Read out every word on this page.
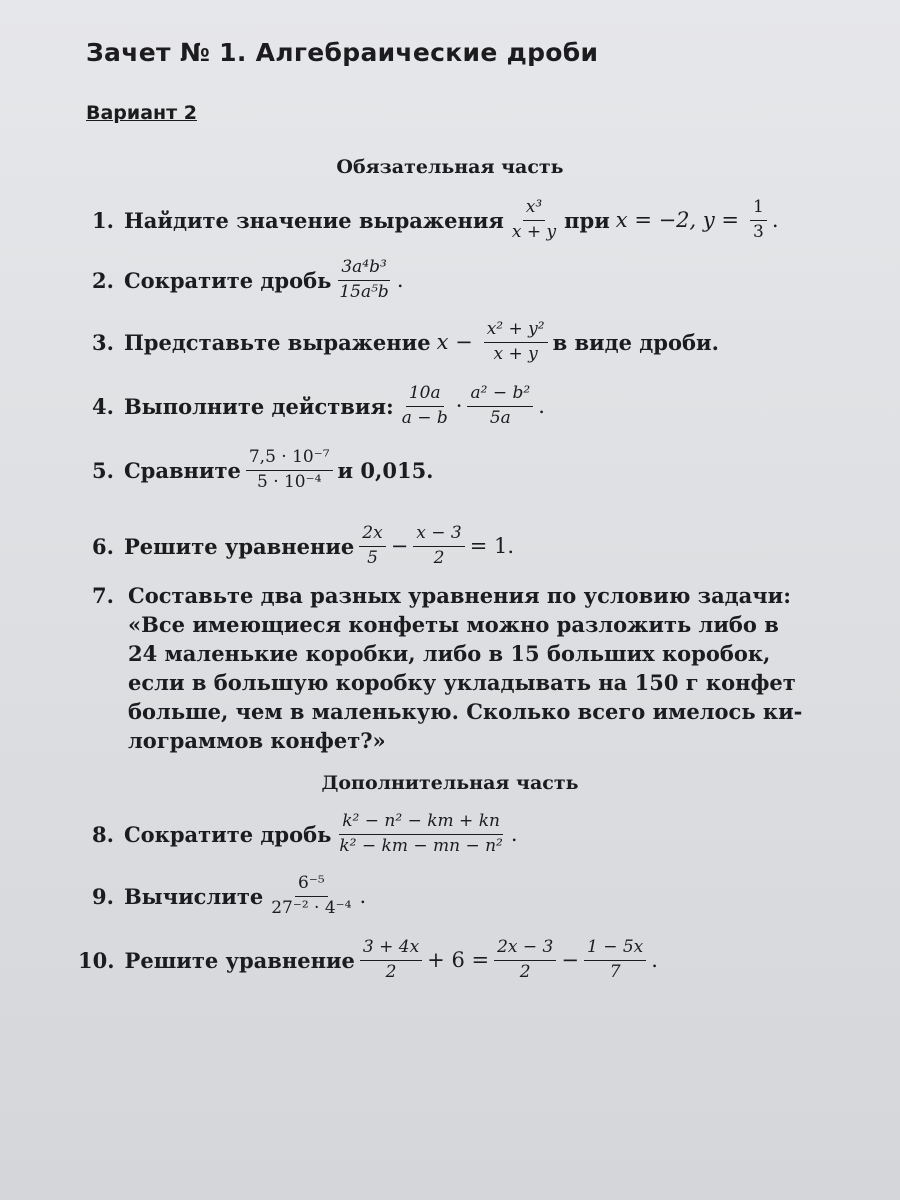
Зачет № 1. Алгебраические дроби
Вариант 2
Обязательная часть
1. Найдите значение выражения $\frac{\text{x³}}{x + y}$ при x = −2, $y = \frac{1}{3}$ .
2. Сократите дробь $\frac{\text{3a⁴b³}}{\text{15a⁵b}}$ .
3. Представьте выражение $x - \frac{\text{x² + y²}}{x + y}$ в виде дроби.
4. Выполните действия: $\frac{10a}{a - b} \cdot \frac{\text{a² − b²}}{5a}$ .
5. Сравните $\frac{\text{7,5 · 10⁻⁷}}{\text{5 · 10⁻⁴}}$ и 0,015.
6. Решите уравнение $\frac{2x}{5} - \frac{x - 3}{2} = 1$.
7. Составьте два разных уравнения по условию задачи:
«Все имеющиеся конфеты можно разложить либо в
24 маленькие коробки, либо в 15 больших коробок,
если в большую коробку укладывать на 150 г конфет
больше, чем в маленькую. Сколько всего имелось ки-
лограммов конфет?»
Дополнительная часть
8. Сократите дробь $\frac{\text{k² − n² − km + kn}}{\text{k² − km − mn − n²}}$ .
9. Вычислите $\frac{\text{6⁻⁵}}{\text{27⁻² · 4⁻⁴}}$ .
10. Решите уравнение $\frac{3 + 4x}{2} + 6 = \frac{2x - 3}{2} - \frac{1 - 5x}{7}$ .
